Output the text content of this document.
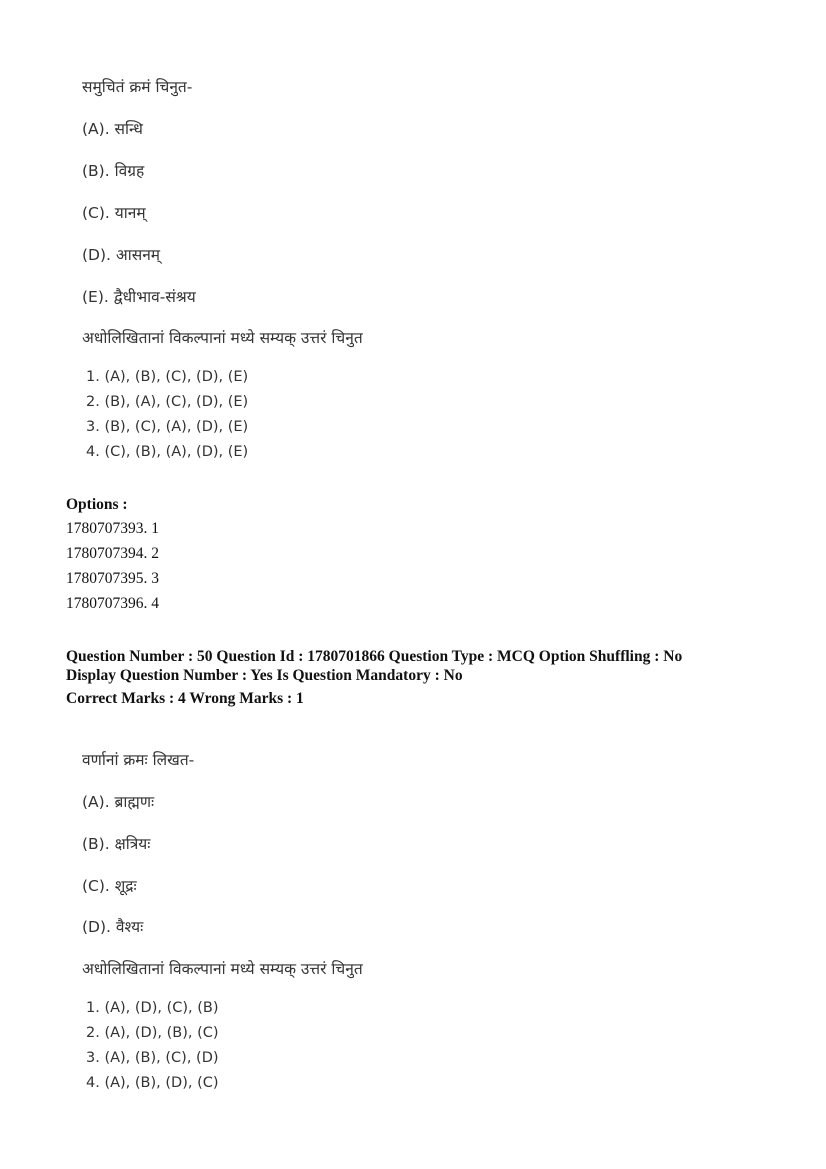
समुचितं क्रमं चिनुत-
(A). सन्धि
(B). विग्रह
(C). यानम्
(D). आसनम्
(E). द्वैधीभाव-संश्रय
अधोलिखितानां विकल्पानां मध्ये सम्यक् उत्तरं चिनुत
1. (A), (B), (C), (D), (E)
2. (B), (A), (C), (D), (E)
3. (B), (C), (A), (D), (E)
4. (C), (B), (A), (D), (E)
Options :
1780707393. 1
1780707394. 2
1780707395. 3
1780707396. 4
Question Number : 50 Question Id : 1780701866 Question Type : MCQ Option Shuffling : No
Display Question Number : Yes Is Question Mandatory : No
Correct Marks : 4 Wrong Marks : 1
वर्णानां क्रमः लिखत-
(A). ब्राह्मणः
(B). क्षत्रियः
(C). शूद्रः
(D). वैश्यः
अधोलिखितानां विकल्पानां मध्ये सम्यक् उत्तरं चिनुत
1. (A), (D), (C), (B)
2. (A), (D), (B), (C)
3. (A), (B), (C), (D)
4. (A), (B), (D), (C)
